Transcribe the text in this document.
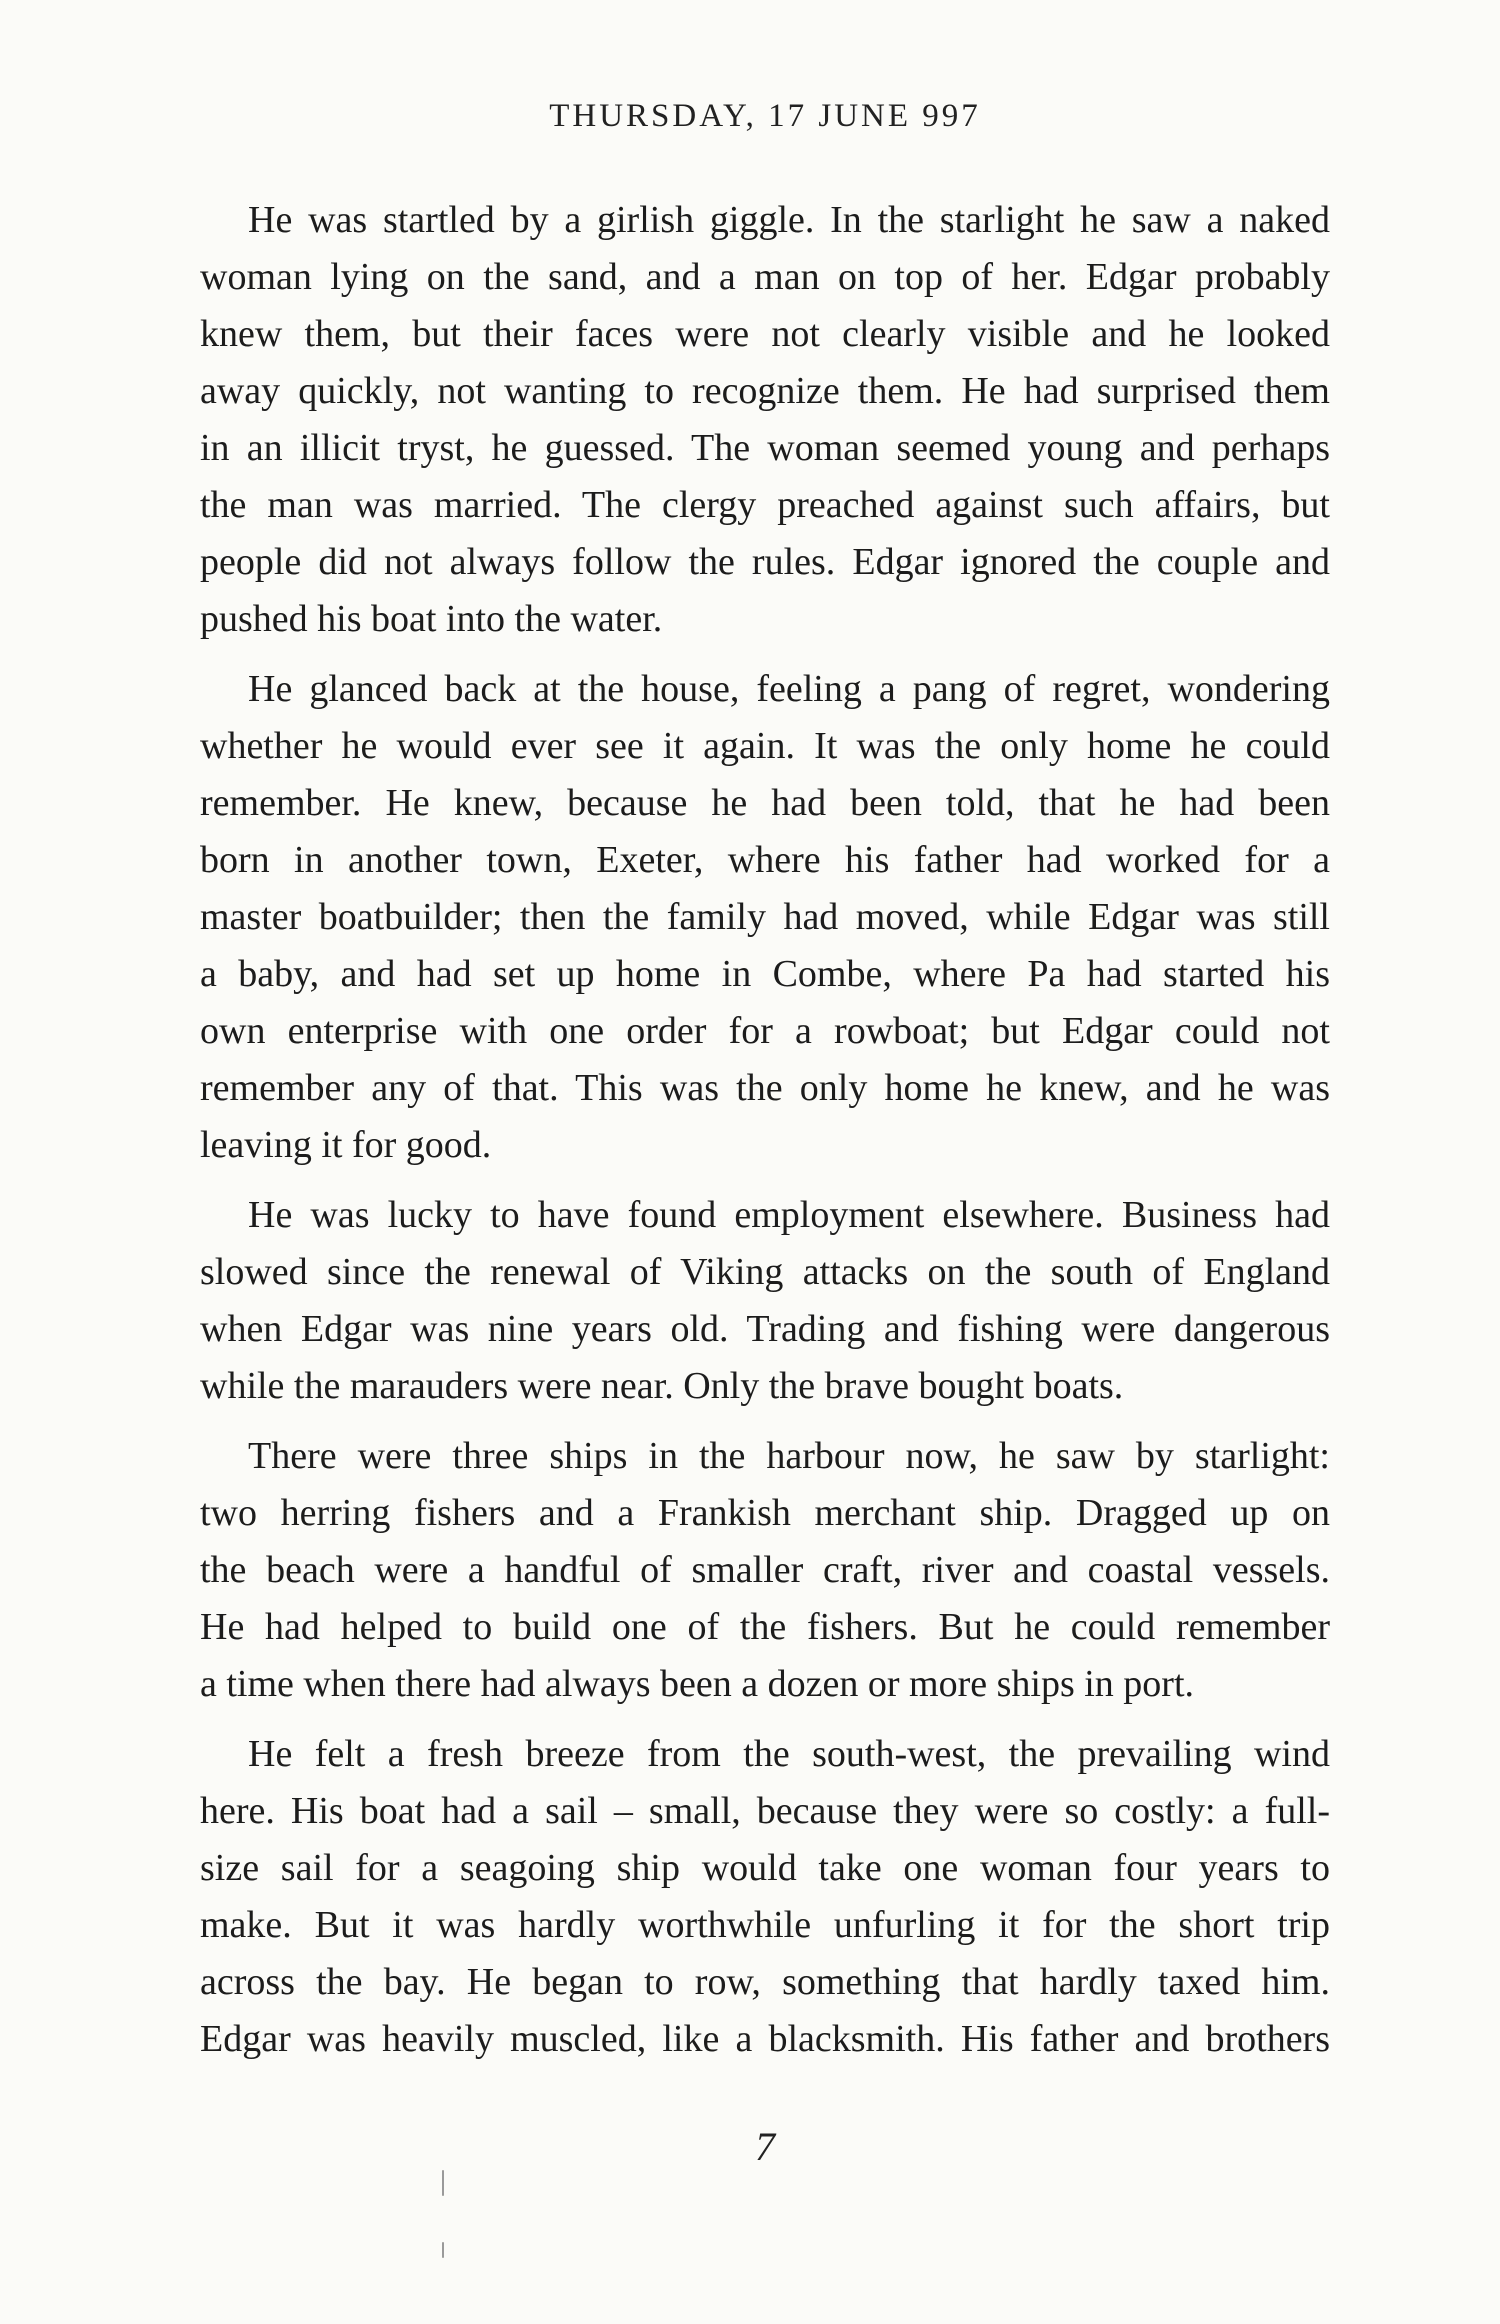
THURSDAY, 17 JUNE 997

He was startled by a girlish giggle. In the starlight he saw a naked
woman lying on the sand, and a man on top of her. Edgar probably
knew them, but their faces were not clearly visible and he looked
away quickly, not wanting to recognize them. He had surprised them
in an illicit tryst, he guessed. The woman seemed young and perhaps
the man was married. The clergy preached against such affairs, but
people did not always follow the rules. Edgar ignored the couple and
pushed his boat into the water.

He glanced back at the house, feeling a pang of regret, wondering
whether he would ever see it again. It was the only home he could
remember. He knew, because he had been told, that he had been
born in another town, Exeter, where his father had worked for a
master boatbuilder; then the family had moved, while Edgar was still
a baby, and had set up home in Combe, where Pa had started his
own enterprise with one order for a rowboat; but Edgar could not
remember any of that. This was the only home he knew, and he was
leaving it for good.

He was lucky to have found employment elsewhere. Business had
slowed since the renewal of Viking attacks on the south of England
when Edgar was nine years old. Trading and fishing were dangerous
while the marauders were near. Only the brave bought boats.

There were three ships in the harbour now, he saw by starlight:
two herring fishers and a Frankish merchant ship. Dragged up on
the beach were a handful of smaller craft, river and coastal vessels.
He had helped to build one of the fishers. But he could remember
a time when there had always been a dozen or more ships in port.

He felt a fresh breeze from the south-west, the prevailing wind
here. His boat had a sail – small, because they were so costly: a full-
size sail for a seagoing ship would take one woman four years to
make. But it was hardly worthwhile unfurling it for the short trip
across the bay. He began to row, something that hardly taxed him.
Edgar was heavily muscled, like a blacksmith. His father and brothers

7
